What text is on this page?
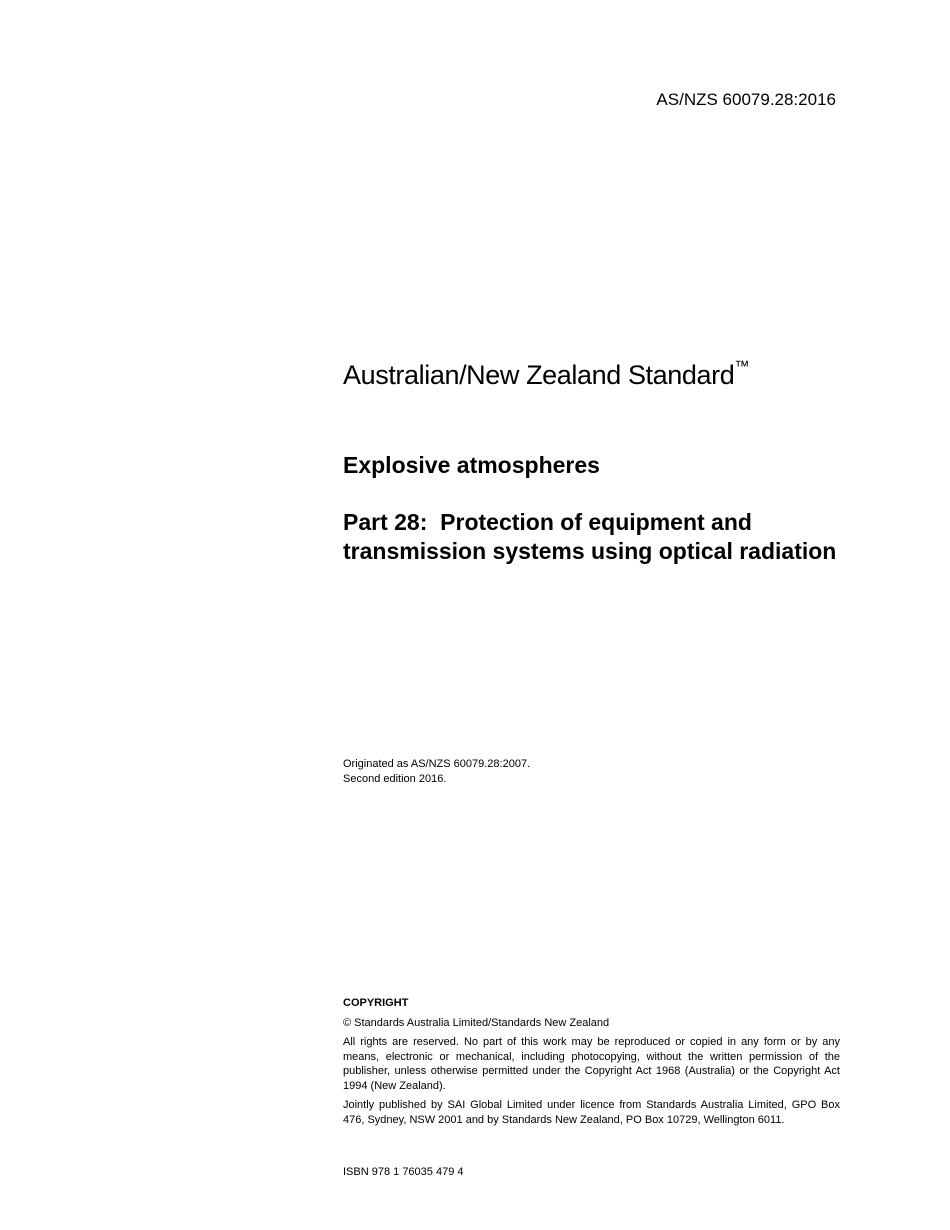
AS/NZS 60079.28:2016
Australian/New Zealand Standard™
Explosive atmospheres
Part 28:  Protection of equipment and transmission systems using optical radiation
Originated as AS/NZS 60079.28:2007.
Second edition 2016.
COPYRIGHT

© Standards Australia Limited/Standards New Zealand

All rights are reserved. No part of this work may be reproduced or copied in any form or by any means, electronic or mechanical, including photocopying, without the written permission of the publisher, unless otherwise permitted under the Copyright Act 1968 (Australia) or the Copyright Act 1994 (New Zealand).

Jointly published by SAI Global Limited under licence from Standards Australia Limited, GPO Box 476, Sydney, NSW 2001 and by Standards New Zealand, PO Box 10729, Wellington 6011.

ISBN 978 1 76035 479 4
